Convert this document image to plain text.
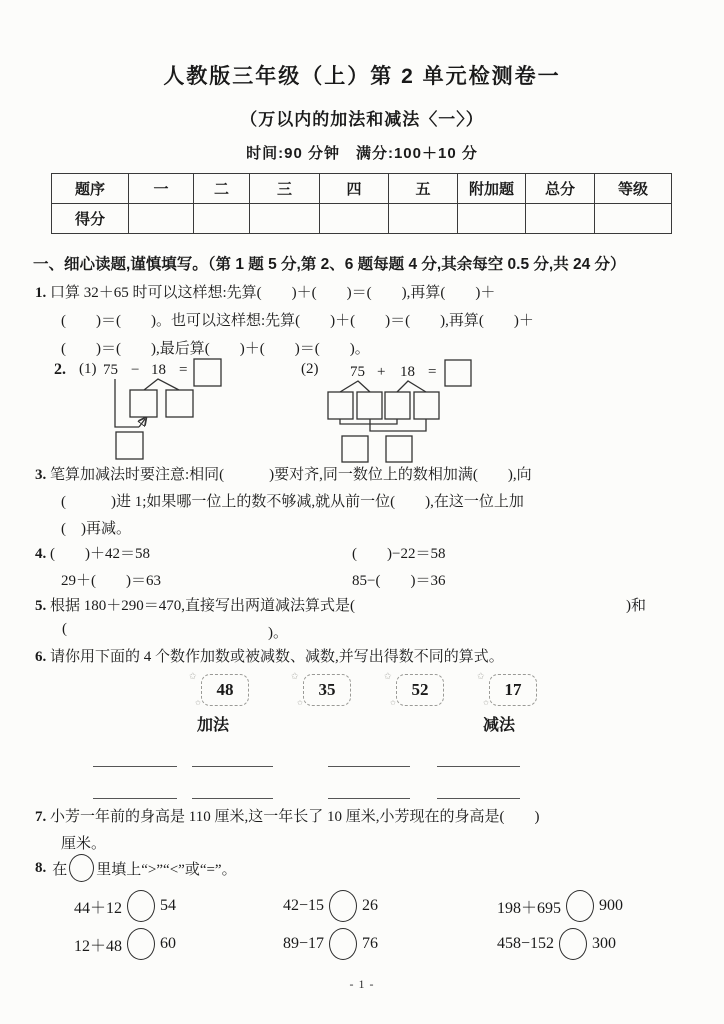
人教版三年级（上）第 2 单元检测卷一
（万以内的加法和减法〈一〉）
时间:90 分钟　满分:100＋10 分
题序	一	二	三	四	五	附加题	总分	等级
得分								
一、细心读题,谨慎填写。（第 1 题 5 分,第 2、6 题每题 4 分,其余每空 0.5 分,共 24 分）
1. 口算 32＋65 时可以这样想:先算(　　)＋(　　)＝(　　),再算(　　)＋
(　　)＝(　　)。也可以这样想:先算(　　)＋(　　)＝(　　),再算(　　)＋
(　　)＝(　　),最后算(　　)＋(　　)＝(　　)。
2. (1) 75 − 18 =	(2) 75 + 18 =
3. 笔算加减法时要注意:相同(　　　)要对齐,同一数位上的数相加满(　　),向
(　　　)进 1;如果哪一位上的数不够减,就从前一位(　　),在这一位上加
(　)再减。
4. (　　)＋42＝58	(　　)−22＝58
29＋(　　)＝63	85−(　　)＝36
5. 根据 180＋290＝470,直接写出两道减法算式是(	)和
(	)。
6. 请你用下面的 4 个数作加数或被减数、减数,并写出得数不同的算式。
✩
✩
48
✩
✩
35
✩
✩
52
✩
✩
17
加法	减法
7. 小芳一年前的身高是 110 厘米,这一年长了 10 厘米,小芳现在的身高是(　　)
厘米。
8. 在 里填上“>”“<”或“=”。
44＋12 54	42−15 26	198＋695 900
12＋48 60	89−17 76	458−152 300
- 1 -
